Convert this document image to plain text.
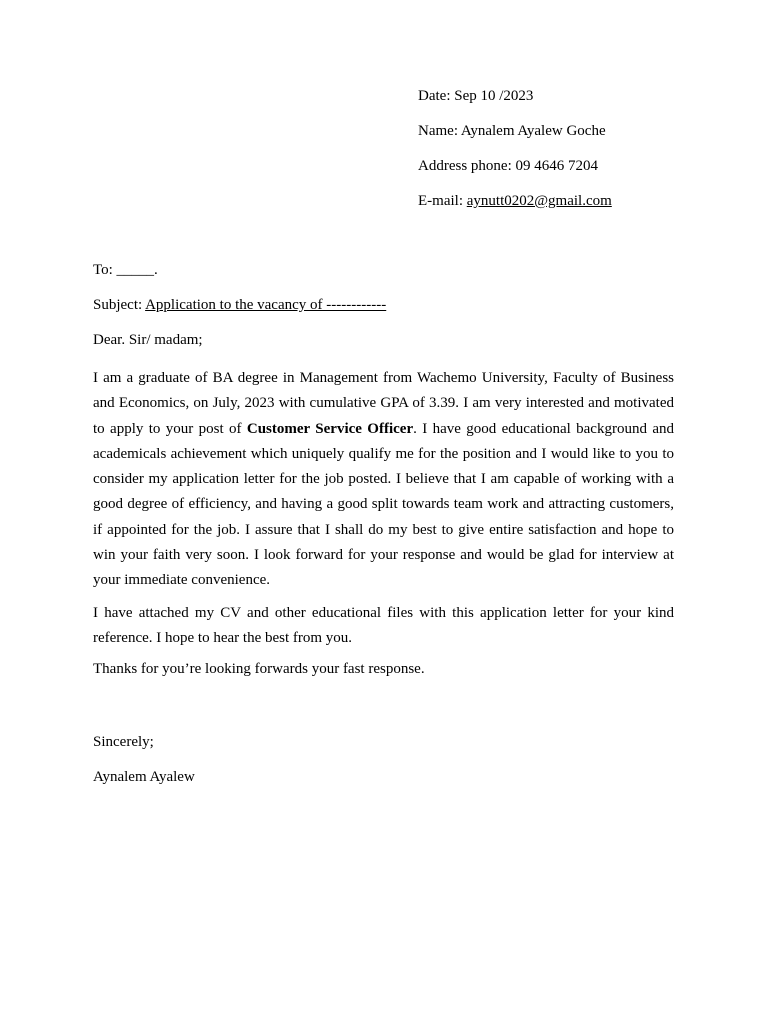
Date: Sep 10 /2023

Name: Aynalem Ayalew Goche

Address phone: 09 4646 7204

E-mail: aynutt0202@gmail.com

To: _____.

Subject: Application to the vacancy of ------------

Dear. Sir/ madam;

I am a graduate of BA degree in Management from Wachemo University, Faculty of Business and Economics, on July, 2023 with cumulative GPA of 3.39. I am very interested and motivated to apply to your post of Customer Service Officer. I have good educational background and academicals achievement which uniquely qualify me for the position and I would like to you to consider my application letter for the job posted. I believe that I am capable of working with a good degree of efficiency, and having a good split towards team work and attracting customers, if appointed for the job. I assure that I shall do my best to give entire satisfaction and hope to win your faith very soon. I look forward for your response and would be glad for interview at your immediate convenience.

I have attached my CV and other educational files with this application letter for your kind reference. I hope to hear the best from you.

Thanks for you’re looking forwards your fast response.

Sincerely;

Aynalem Ayalew
